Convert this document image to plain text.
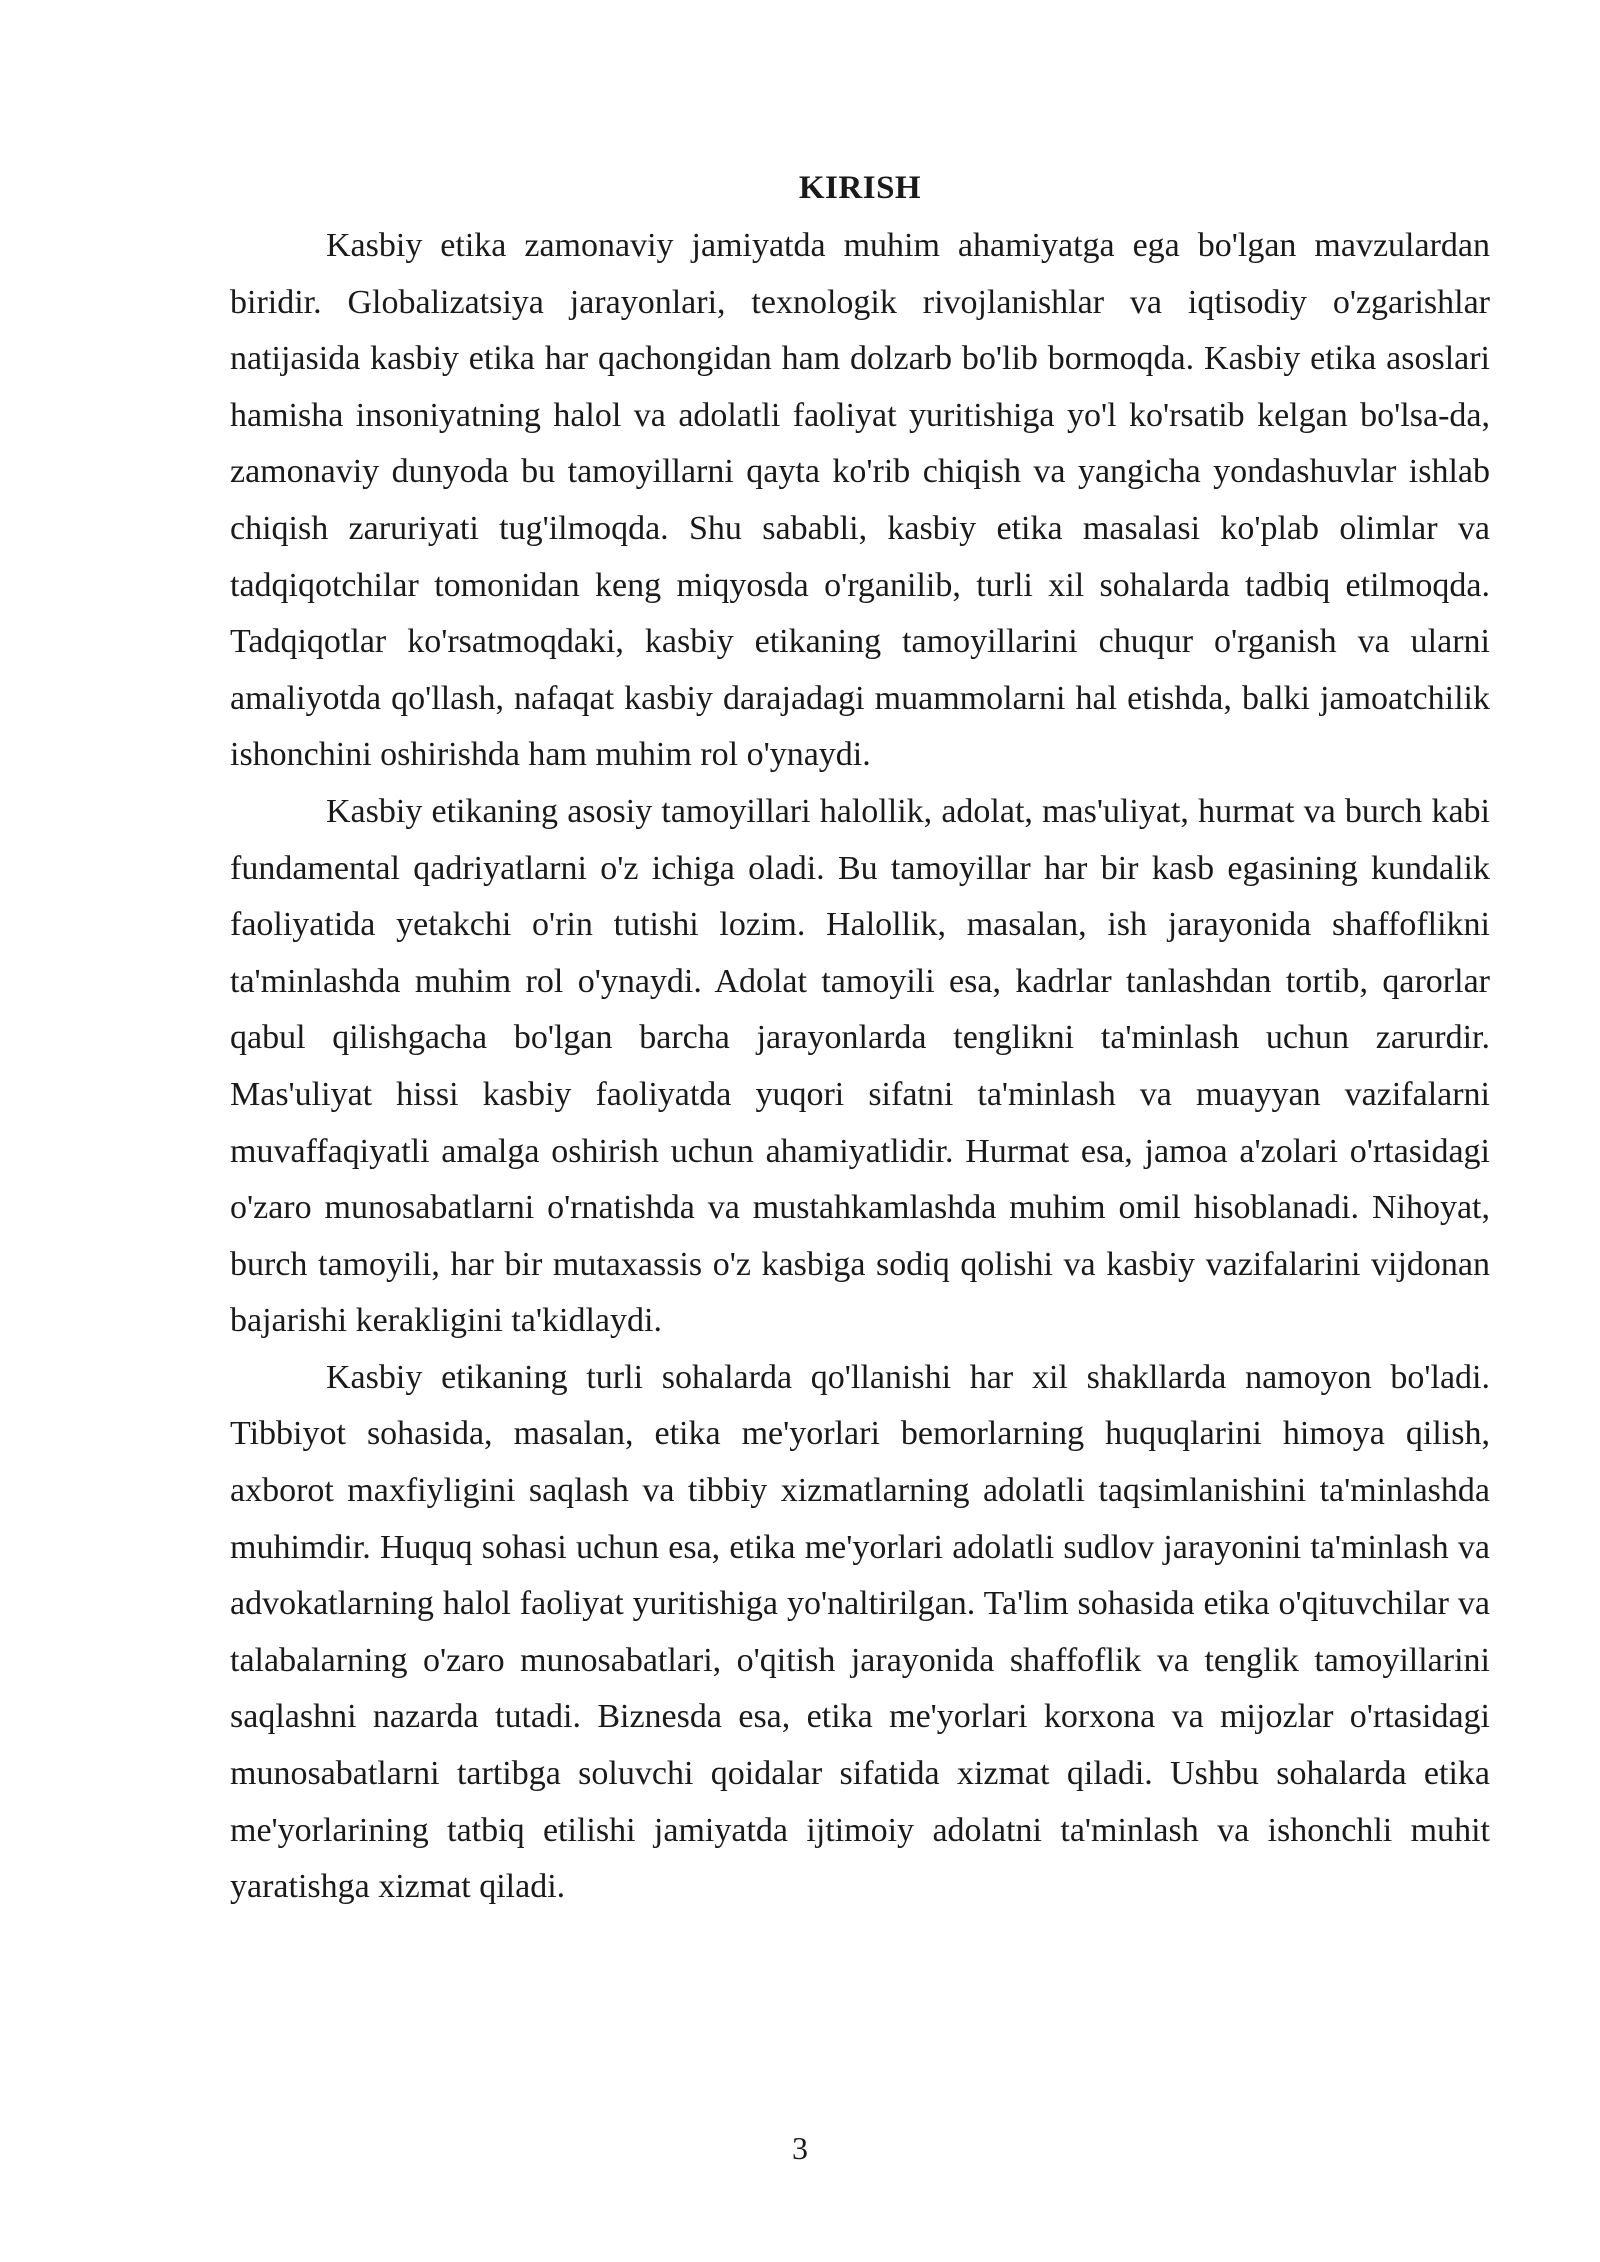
KIRISH

Kasbiy etika zamonaviy jamiyatda muhim ahamiyatga ega bo'lgan mavzulardan biridir. Globalizatsiya jarayonlari, texnologik rivojlanishlar va iqtisodiy o'zgarishlar natijasida kasbiy etika har qachongidan ham dolzarb bo'lib bormoqda. Kasbiy etika asoslari hamisha insoniyatning halol va adolatli faoliyat yuritishiga yo'l ko'rsatib kelgan bo'lsa-da, zamonaviy dunyoda bu tamoyillarni qayta ko'rib chiqish va yangicha yondashuvlar ishlab chiqish zaruriyati tug'ilmoqda. Shu sababli, kasbiy etika masalasi ko'plab olimlar va tadqiqotchilar tomonidan keng miqyosda o'rganilib, turli xil sohalarda tadbiq etilmoqda. Tadqiqotlar ko'rsatmoqdaki, kasbiy etikaning tamoyillarini chuqur o'rganish va ularni amaliyotda qo'llash, nafaqat kasbiy darajadagi muammolarni hal etishda, balki jamoatchilik ishonchini oshirishda ham muhim rol o'ynaydi.

Kasbiy etikaning asosiy tamoyillari halollik, adolat, mas'uliyat, hurmat va burch kabi fundamental qadriyatlarni o'z ichiga oladi. Bu tamoyillar har bir kasb egasining kundalik faoliyatida yetakchi o'rin tutishi lozim. Halollik, masalan, ish jarayonida shaffoflikni ta'minlashda muhim rol o'ynaydi. Adolat tamoyili esa, kadrlar tanlashdan tortib, qarorlar qabul qilishgacha bo'lgan barcha jarayonlarda tenglikni ta'minlash uchun zarurdir. Mas'uliyat hissi kasbiy faoliyatda yuqori sifatni ta'minlash va muayyan vazifalarni muvaffaqiyatli amalga oshirish uchun ahamiyatlidir. Hurmat esa, jamoa a'zolari o'rtasidagi o'zaro munosabatlarni o'rnatishda va mustahkamlashda muhim omil hisoblanadi. Nihoyat, burch tamoyili, har bir mutaxassis o'z kasbiga sodiq qolishi va kasbiy vazifalarini vijdonan bajarishi kerakligini ta'kidlaydi.

Kasbiy etikaning turli sohalarda qo'llanishi har xil shakllarda namoyon bo'ladi. Tibbiyot sohasida, masalan, etika me'yorlari bemorlarning huquqlarini himoya qilish, axborot maxfiyligini saqlash va tibbiy xizmatlarning adolatli taqsimlanishini ta'minlashda muhimdir. Huquq sohasi uchun esa, etika me'yorlari adolatli sudlov jarayonini ta'minlash va advokatlarning halol faoliyat yuritishiga yo'naltirilgan. Ta'lim sohasida etika o'qituvchilar va talabalarning o'zaro munosabatlari, o'qitish jarayonida shaffoflik va tenglik tamoyillarini saqlashni nazarda tutadi. Biznesda esa, etika me'yorlari korxona va mijozlar o'rtasidagi munosabatlarni tartibga soluvchi qoidalar sifatida xizmat qiladi. Ushbu sohalarda etika me'yorlarining tatbiq etilishi jamiyatda ijtimoiy adolatni ta'minlash va ishonchli muhit yaratishga xizmat qiladi.

3
